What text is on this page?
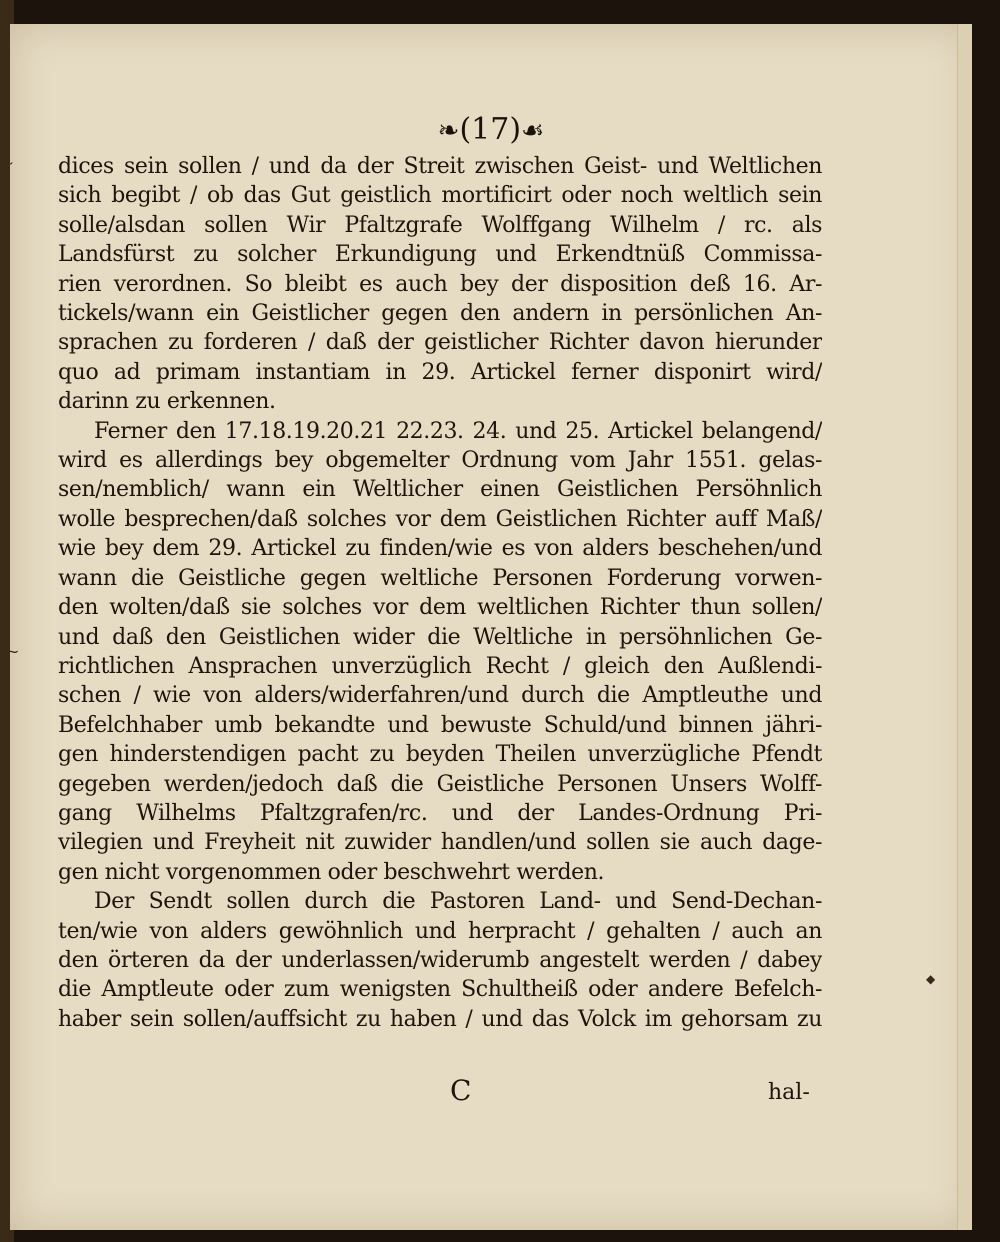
❧(17)☙
˘
~
◆
dices sein sollen / und da der Streit zwischen Geist- und Weltlichen
sich begibt / ob das Gut geistlich mortificirt oder noch weltlich sein
solle/alsdan sollen Wir Pfaltzgrafe Wolffgang Wilhelm / rc. als
Landsfürst zu solcher Erkundigung und Erkendtnüß Commissa-
rien verordnen. So bleibt es auch bey der disposition deß 16. Ar-
tickels/wann ein Geistlicher gegen den andern in persönlichen An-
sprachen zu forderen / daß der geistlicher Richter davon hierunder
quo ad primam instantiam in 29. Artickel ferner disponirt wird/
darinn zu erkennen.
Ferner den 17.18.19.20.21 22.23. 24. und 25. Artickel belangend/
wird es allerdings bey obgemelter Ordnung vom Jahr 1551. gelas-
sen/nemblich/ wann ein Weltlicher einen Geistlichen Persöhnlich
wolle besprechen/daß solches vor dem Geistlichen Richter auff Maß/
wie bey dem 29. Artickel zu finden/wie es von alders beschehen/und
wann die Geistliche gegen weltliche Personen Forderung vorwen-
den wolten/daß sie solches vor dem weltlichen Richter thun sollen/
und daß den Geistlichen wider die Weltliche in persöhnlichen Ge-
richtlichen Ansprachen unverzüglich Recht / gleich den Außlendi-
schen / wie von alders/widerfahren/und durch die Amptleuthe und
Befelchhaber umb bekandte und bewuste Schuld/und binnen jähri-
gen hinderstendigen pacht zu beyden Theilen unverzügliche Pfendt
gegeben werden/jedoch daß die Geistliche Personen Unsers Wolff-
gang Wilhelms Pfaltzgrafen/rc. und der Landes-Ordnung Pri-
vilegien und Freyheit nit zuwider handlen/und sollen sie auch dage-
gen nicht vorgenommen oder beschwehrt werden.
Der Sendt sollen durch die Pastoren Land- und Send-Dechan-
ten/wie von alders gewöhnlich und herpracht / gehalten / auch an
den örteren da der underlassen/widerumb angestelt werden / dabey
die Amptleute oder zum wenigsten Schultheiß oder andere Befelch-
haber sein sollen/auffsicht zu haben / und das Volck im gehorsam zu
C	hal-
